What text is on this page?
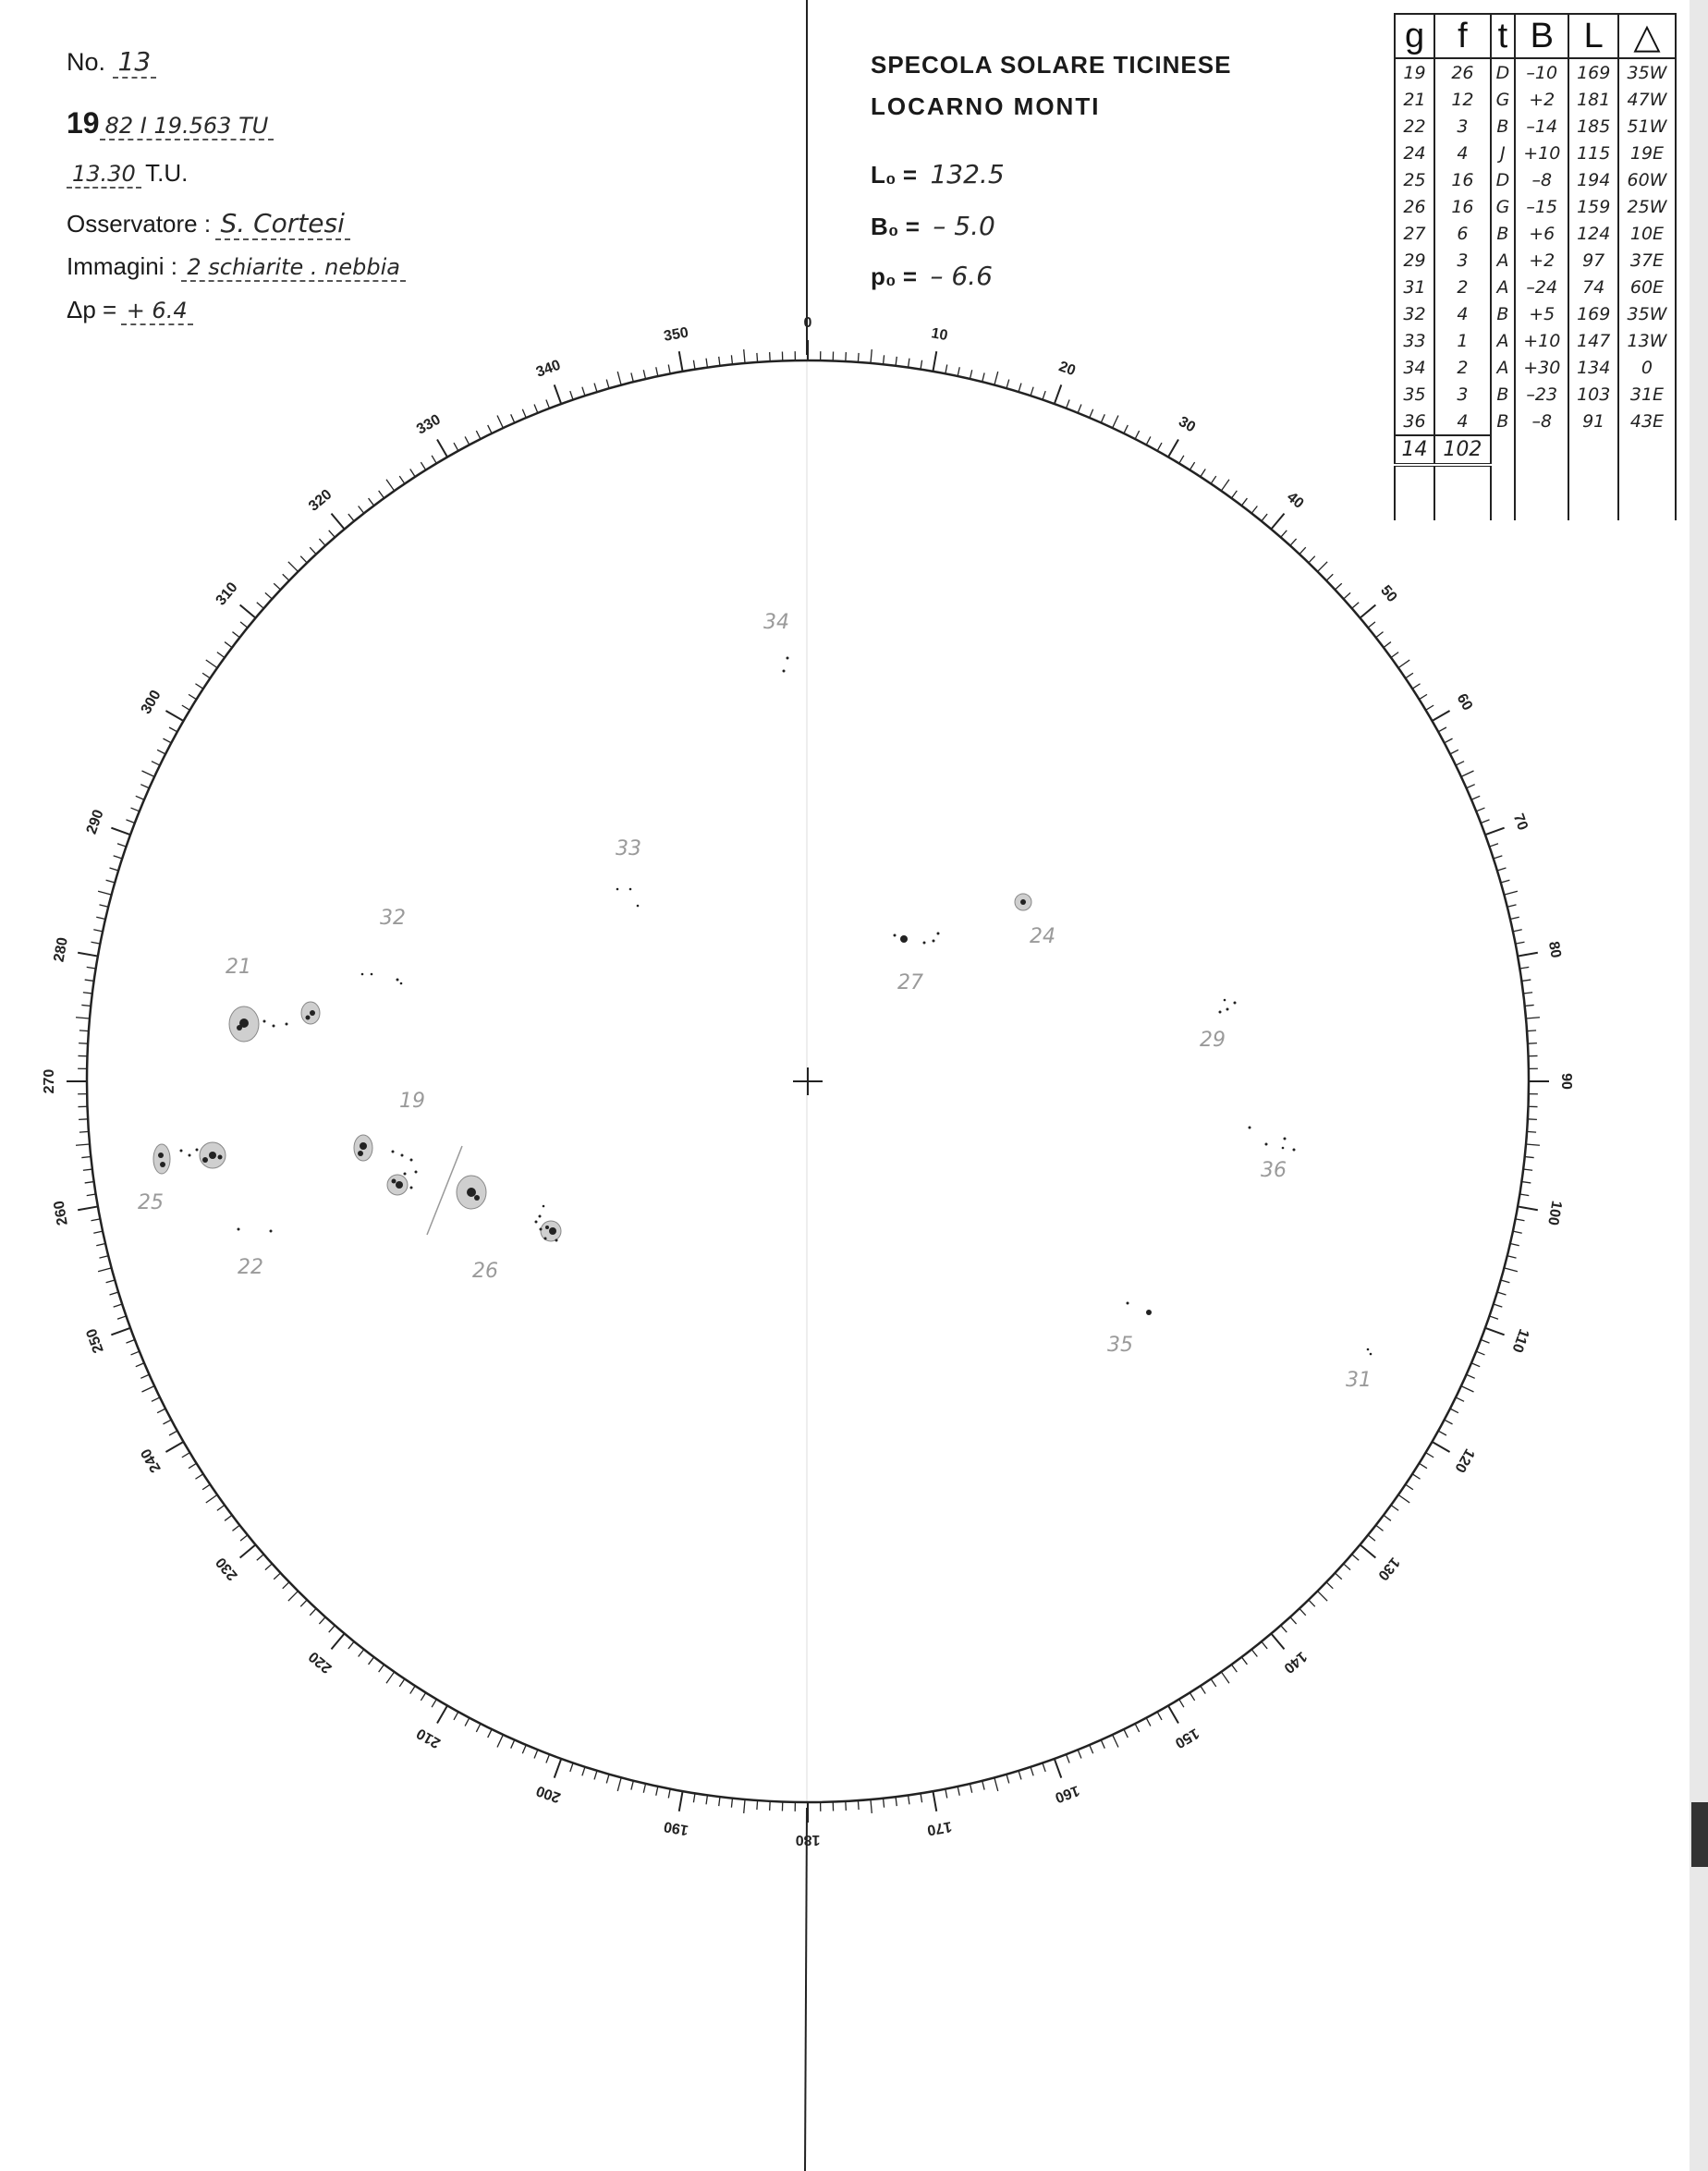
No. 13
19 82 I 19.563 TU
13.30 T.U.
Osservatore : S. Cortesi
Immagini : 2 schiarite . nebbia
Δp = + 6.4
SPECOLA SOLARE TICINESE
LOCARNO MONTI
L₀ = 132.5
B₀ = – 5.0
p₀ = – 6.6
g	f	t	B	L	△
19	26	D	–10	169	35W
21	12	G	+2	181	47W
22	3	B	–14	185	51W
24	4	J	+10	115	19E
25	16	D	–8	194	60W
26	16	G	–15	159	25W
27	6	B	+6	124	10E
29	3	A	+2	97	37E
31	2	A	–24	74	60E
32	4	B	+5	169	35W
33	1	A	+10	147	13W
34	2	A	+30	134	0
35	3	B	–23	103	31E
36	4	B	–8	91	43E
14	102				

0
10
20
30
40
50
60
70
80
90
100
110
120
130
140
150
160
170
180
190
200
210
220
230
240
250
260
270
280
290
300
310
320
330
340
350
34
33
32
21
24
27
29
19
36
25
22	26
35
31
